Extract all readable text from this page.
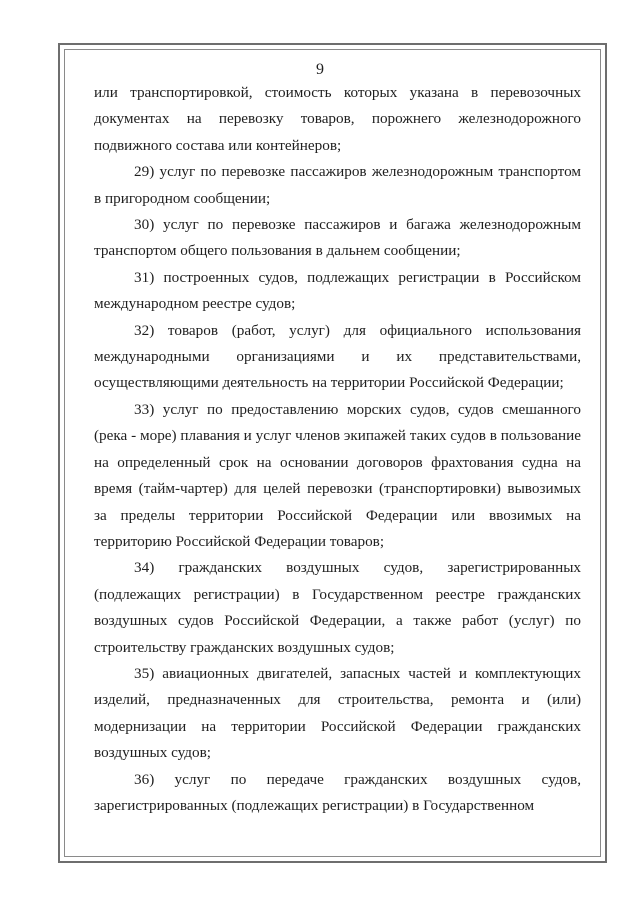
9

или транспортировкой, стоимость которых указана в перевозочных документах на перевозку товаров, порожнего железнодорожного подвижного состава или контейнеров;

29) услуг по перевозке пассажиров железнодорожным транспортом в пригородном сообщении;

30) услуг по перевозке пассажиров и багажа железнодорожным транспортом общего пользования в дальнем сообщении;

31) построенных судов, подлежащих регистрации в Российском международном реестре судов;

32) товаров (работ, услуг) для официального использования международными организациями и их представительствами, осуществляющими деятельность на территории Российской Федерации;

33) услуг по предоставлению морских судов, судов смешанного (река - море) плавания и услуг членов экипажей таких судов в пользование на определенный срок на основании договоров фрахтования судна на время (тайм-чартер) для целей перевозки (транспортировки) вывозимых за пределы территории Российской Федерации или ввозимых на территорию Российской Федерации товаров;

34) гражданских воздушных судов, зарегистрированных (подлежащих регистрации) в Государственном реестре гражданских воздушных судов Российской Федерации, а также работ (услуг) по строительству гражданских воздушных судов;

35) авиационных двигателей, запасных частей и комплектующих изделий, предназначенных для строительства, ремонта и (или) модернизации на территории Российской Федерации гражданских воздушных судов;

36) услуг по передаче гражданских воздушных судов, зарегистрированных (подлежащих регистрации) в Государственном
